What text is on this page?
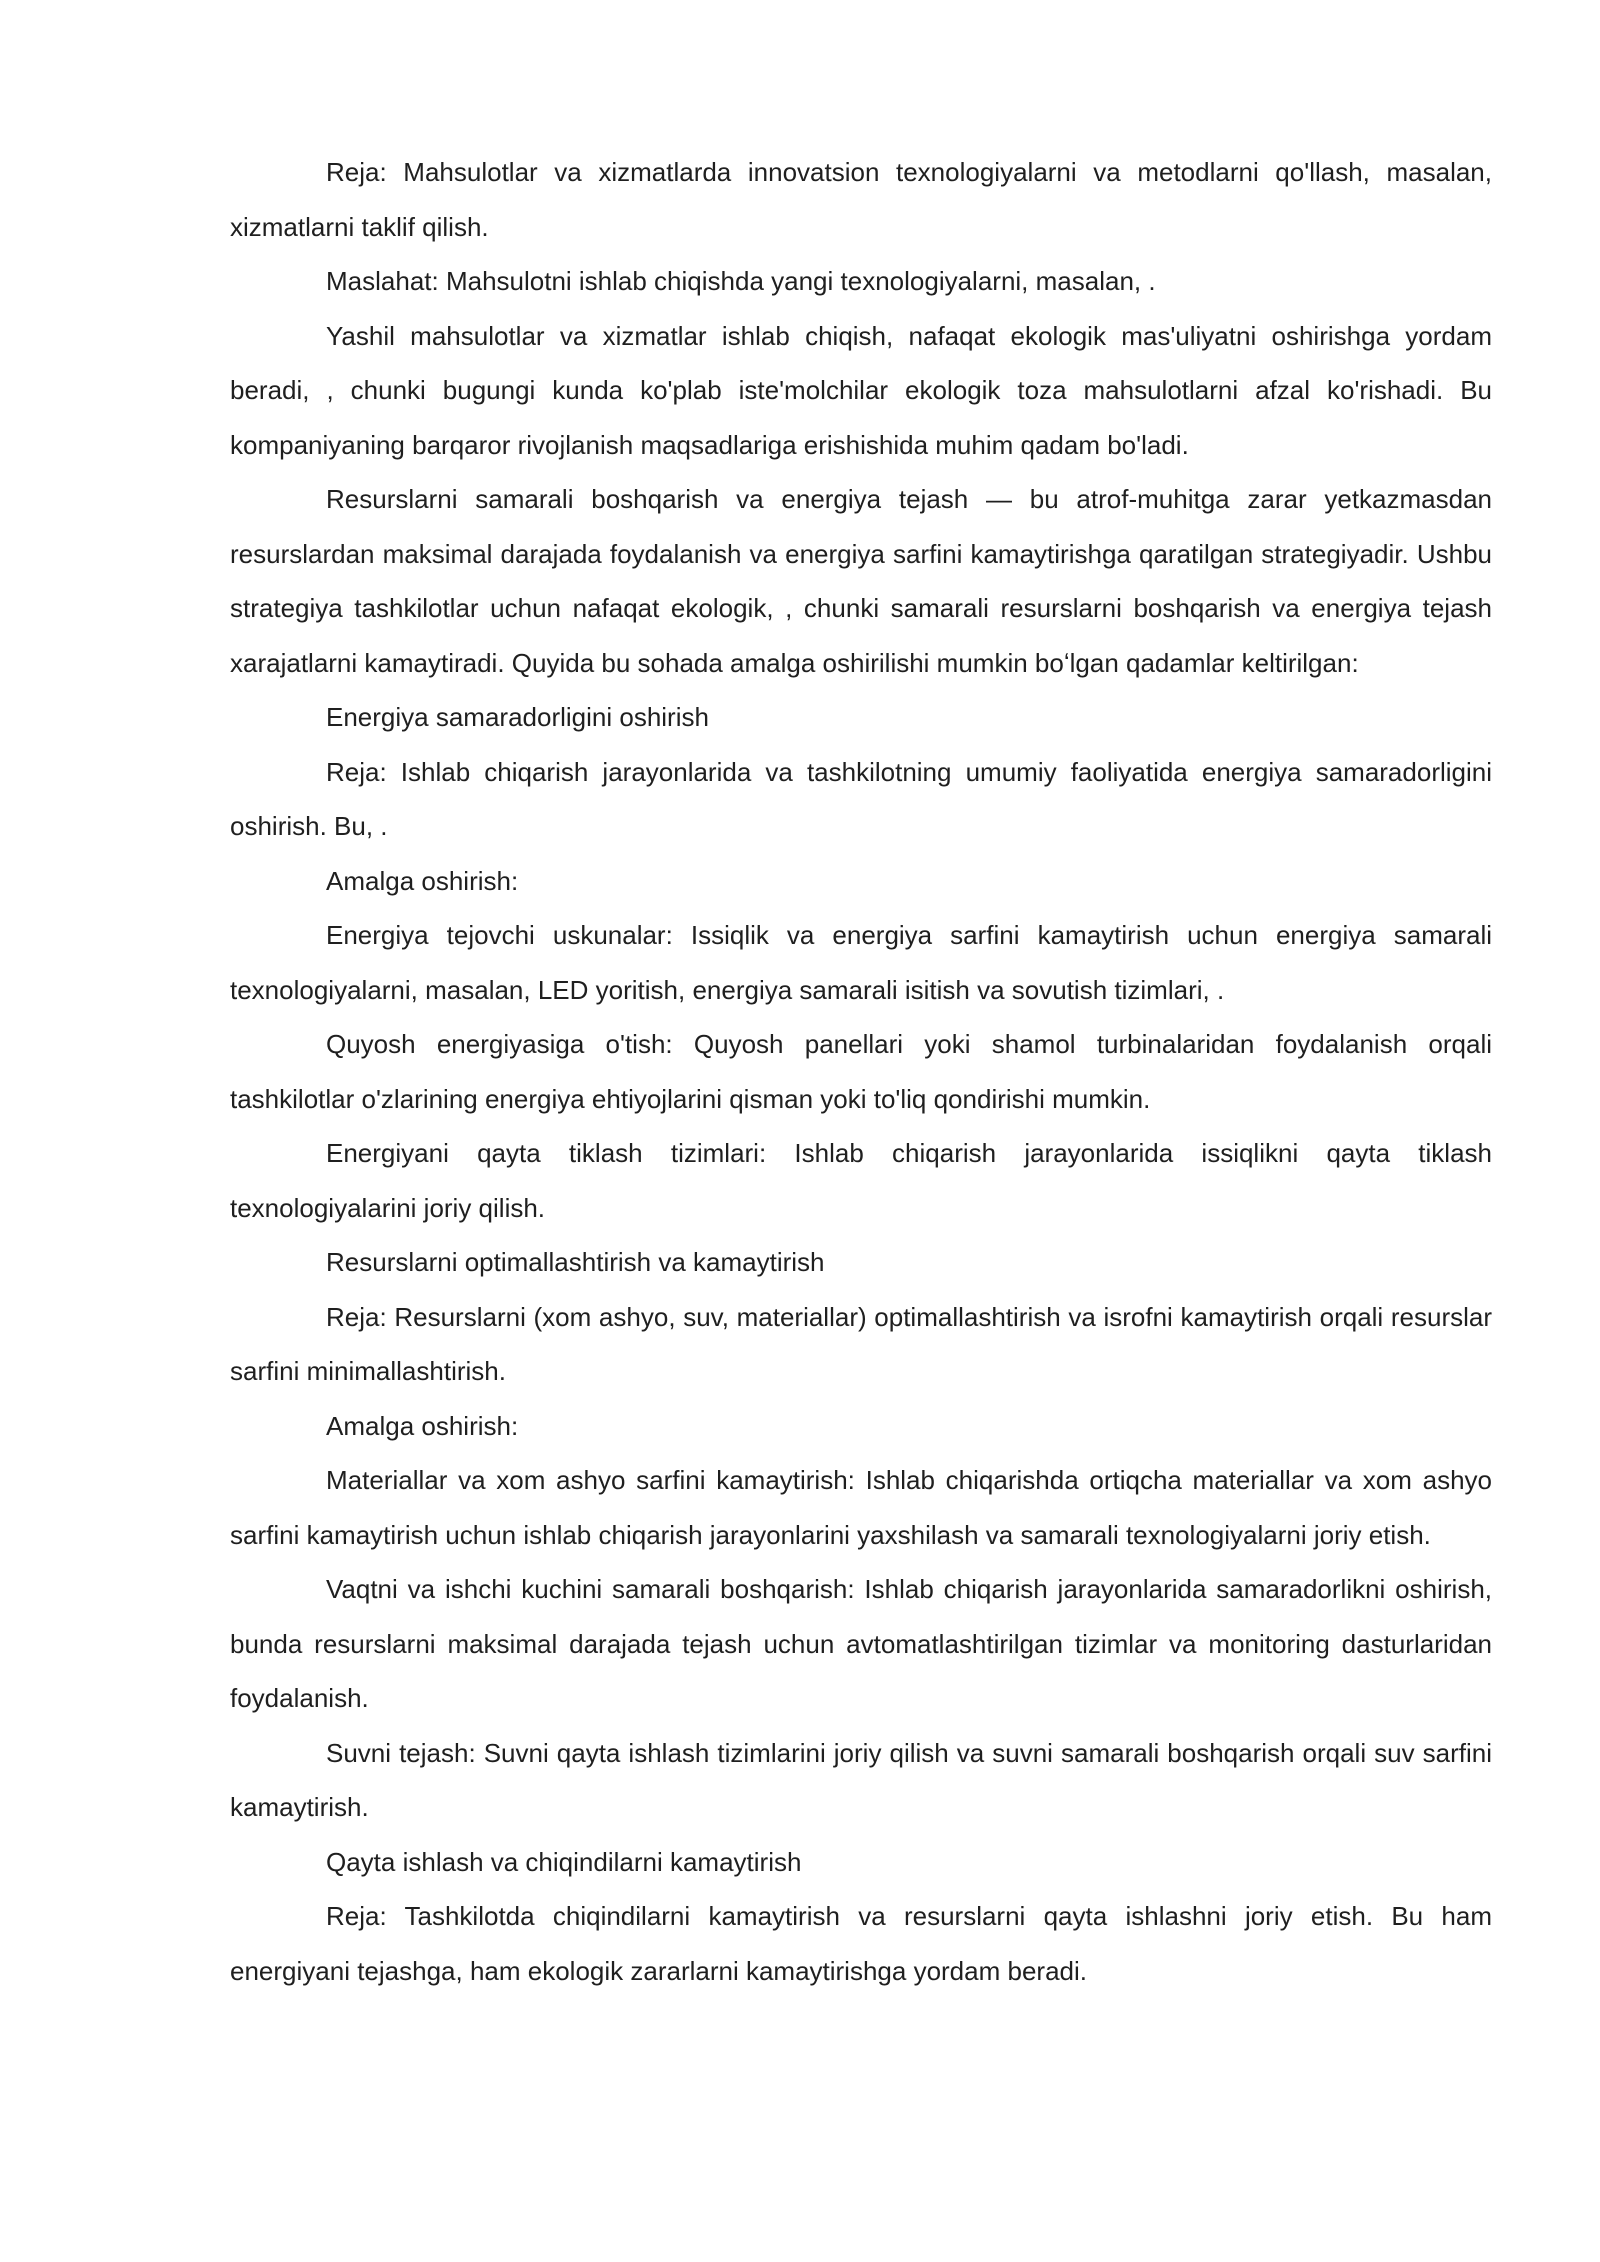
Reja: Mahsulotlar va xizmatlarda innovatsion texnologiyalarni va metodlarni qo'llash, masalan, xizmatlarni taklif qilish.

Maslahat: Mahsulotni ishlab chiqishda yangi texnologiyalarni, masalan, .

Yashil mahsulotlar va xizmatlar ishlab chiqish, nafaqat ekologik mas'uliyatni oshirishga yordam beradi, , chunki bugungi kunda ko'plab iste'molchilar ekologik toza mahsulotlarni afzal ko'rishadi. Bu kompaniyaning barqaror rivojlanish maqsadlariga erishishida muhim qadam bo'ladi.

Resurslarni samarali boshqarish va energiya tejash — bu atrof-muhitga zarar yetkazmasdan resurslardan maksimal darajada foydalanish va energiya sarfini kamaytirishga qaratilgan strategiyadir. Ushbu strategiya tashkilotlar uchun nafaqat ekologik, , chunki samarali resurslarni boshqarish va energiya tejash xarajatlarni kamaytiradi. Quyida bu sohada amalga oshirilishi mumkin boʻlgan qadamlar keltirilgan:

Energiya samaradorligini oshirish

Reja: Ishlab chiqarish jarayonlarida va tashkilotning umumiy faoliyatida energiya samaradorligini oshirish. Bu, .

Amalga oshirish:

Energiya tejovchi uskunalar: Issiqlik va energiya sarfini kamaytirish uchun energiya samarali texnologiyalarni, masalan, LED yoritish, energiya samarali isitish va sovutish tizimlari, .

Quyosh energiyasiga o'tish: Quyosh panellari yoki shamol turbinalaridan foydalanish orqali tashkilotlar o'zlarining energiya ehtiyojlarini qisman yoki to'liq qondirishi mumkin.

Energiyani qayta tiklash tizimlari: Ishlab chiqarish jarayonlarida issiqlikni qayta tiklash texnologiyalarini joriy qilish.

Resurslarni optimallashtirish va kamaytirish

Reja: Resurslarni (xom ashyo, suv, materiallar) optimallashtirish va isrofni kamaytirish orqali resurslar sarfini minimallashtirish.

Amalga oshirish:

Materiallar va xom ashyo sarfini kamaytirish: Ishlab chiqarishda ortiqcha materiallar va xom ashyo sarfini kamaytirish uchun ishlab chiqarish jarayonlarini yaxshilash va samarali texnologiyalarni joriy etish.

Vaqtni va ishchi kuchini samarali boshqarish: Ishlab chiqarish jarayonlarida samaradorlikni oshirish, bunda resurslarni maksimal darajada tejash uchun avtomatlashtirilgan tizimlar va monitoring dasturlaridan foydalanish.

Suvni tejash: Suvni qayta ishlash tizimlarini joriy qilish va suvni samarali boshqarish orqali suv sarfini kamaytirish.

Qayta ishlash va chiqindilarni kamaytirish

Reja: Tashkilotda chiqindilarni kamaytirish va resurslarni qayta ishlashni joriy etish. Bu ham energiyani tejashga, ham ekologik zararlarni kamaytirishga yordam beradi.
